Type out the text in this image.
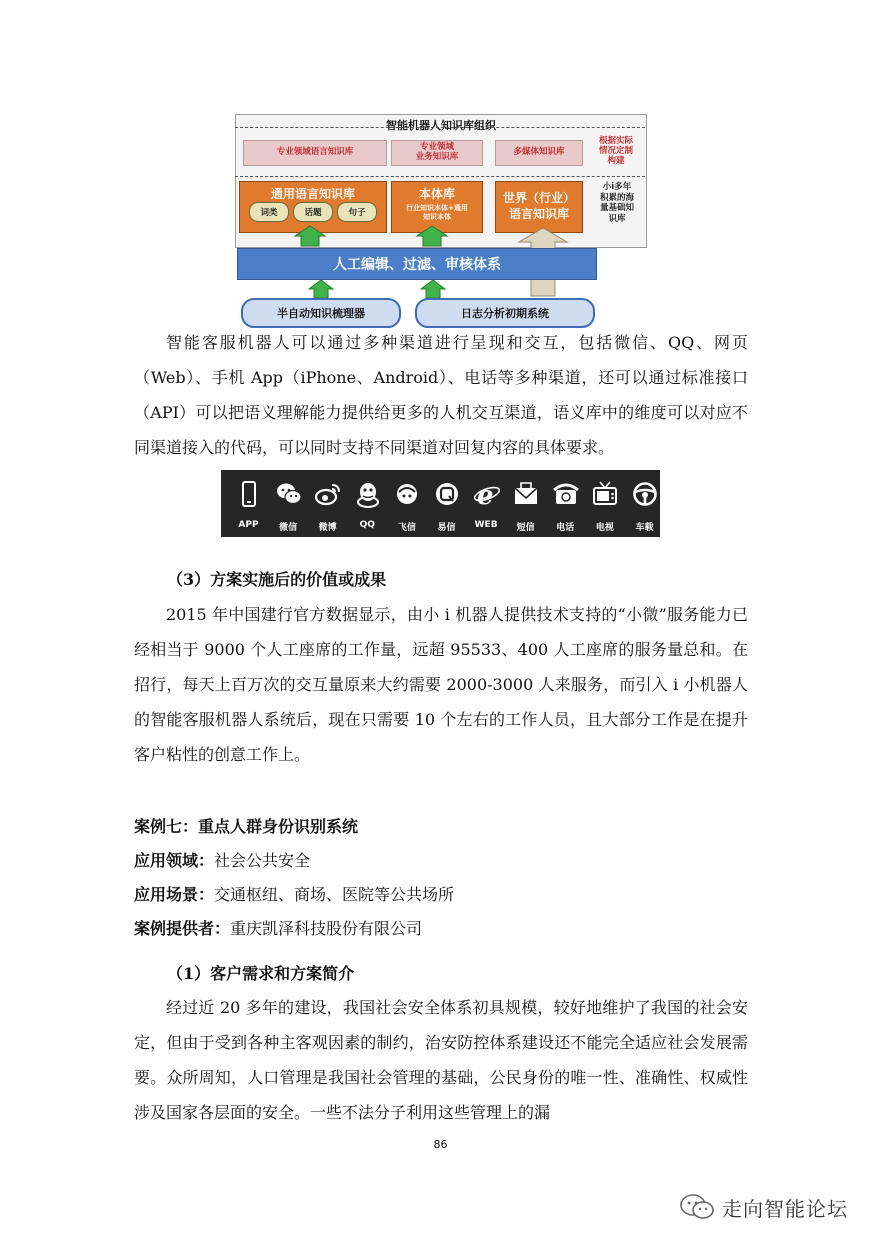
智能机器人知识库组织
专业领域语言知识库	专业领域
业务知识库	多媒体知识库
根据实际
情况定制
构建
通用语言知识库
词类	话题	句子
本体库
行业知识本体+通用
知识本体
世界（行业）
语言知识库
小i多年
积累的海
量基础知
识库
人工编辑、过滤、审核体系
半自动知识梳理器	日志分析初期系统

智能客服机器人可以通过多种渠道进行呈现和交互，包括微信、QQ、网页（Web）、手机 App（iPhone、Android）、电话等多种渠道，还可以通过标准接口（API）可以把语义理解能力提供给更多的人机交互渠道，语义库中的维度可以对应不同渠道接入的代码，可以同时支持不同渠道对回复内容的具体要求。

APP	微信	微博	QQ	飞信	易信
e
WEB	短信	电话	电视	车载
（3）方案实施后的价值或成果

2015 年中国建行官方数据显示，由小 i 机器人提供技术支持的“小微”服务能力已经相当于 9000 个人工座席的工作量，远超 95533、400 人工座席的服务量总和。在招行，每天上百万次的交互量原来大约需要 2000-3000 人来服务，而引入 i 小机器人的智能客服机器人系统后，现在只需要 10 个左右的工作人员，且大部分工作是在提升客户粘性的创意工作上。

案例七：重点人群身份识别系统
应用领域：社会公共安全
应用场景：交通枢纽、商场、医院等公共场所
案例提供者：重庆凯泽科技股份有限公司
（1）客户需求和方案简介

经过近 20 多年的建设，我国社会安全体系初具规模，较好地维护了我国的社会安定，但由于受到各种主客观因素的制约，治安防控体系建设还不能完全适应社会发展需要。众所周知，人口管理是我国社会管理的基础，公民身份的唯一性、准确性、权威性涉及国家各层面的安全。一些不法分子利用这些管理上的漏

86
走向智能论坛
